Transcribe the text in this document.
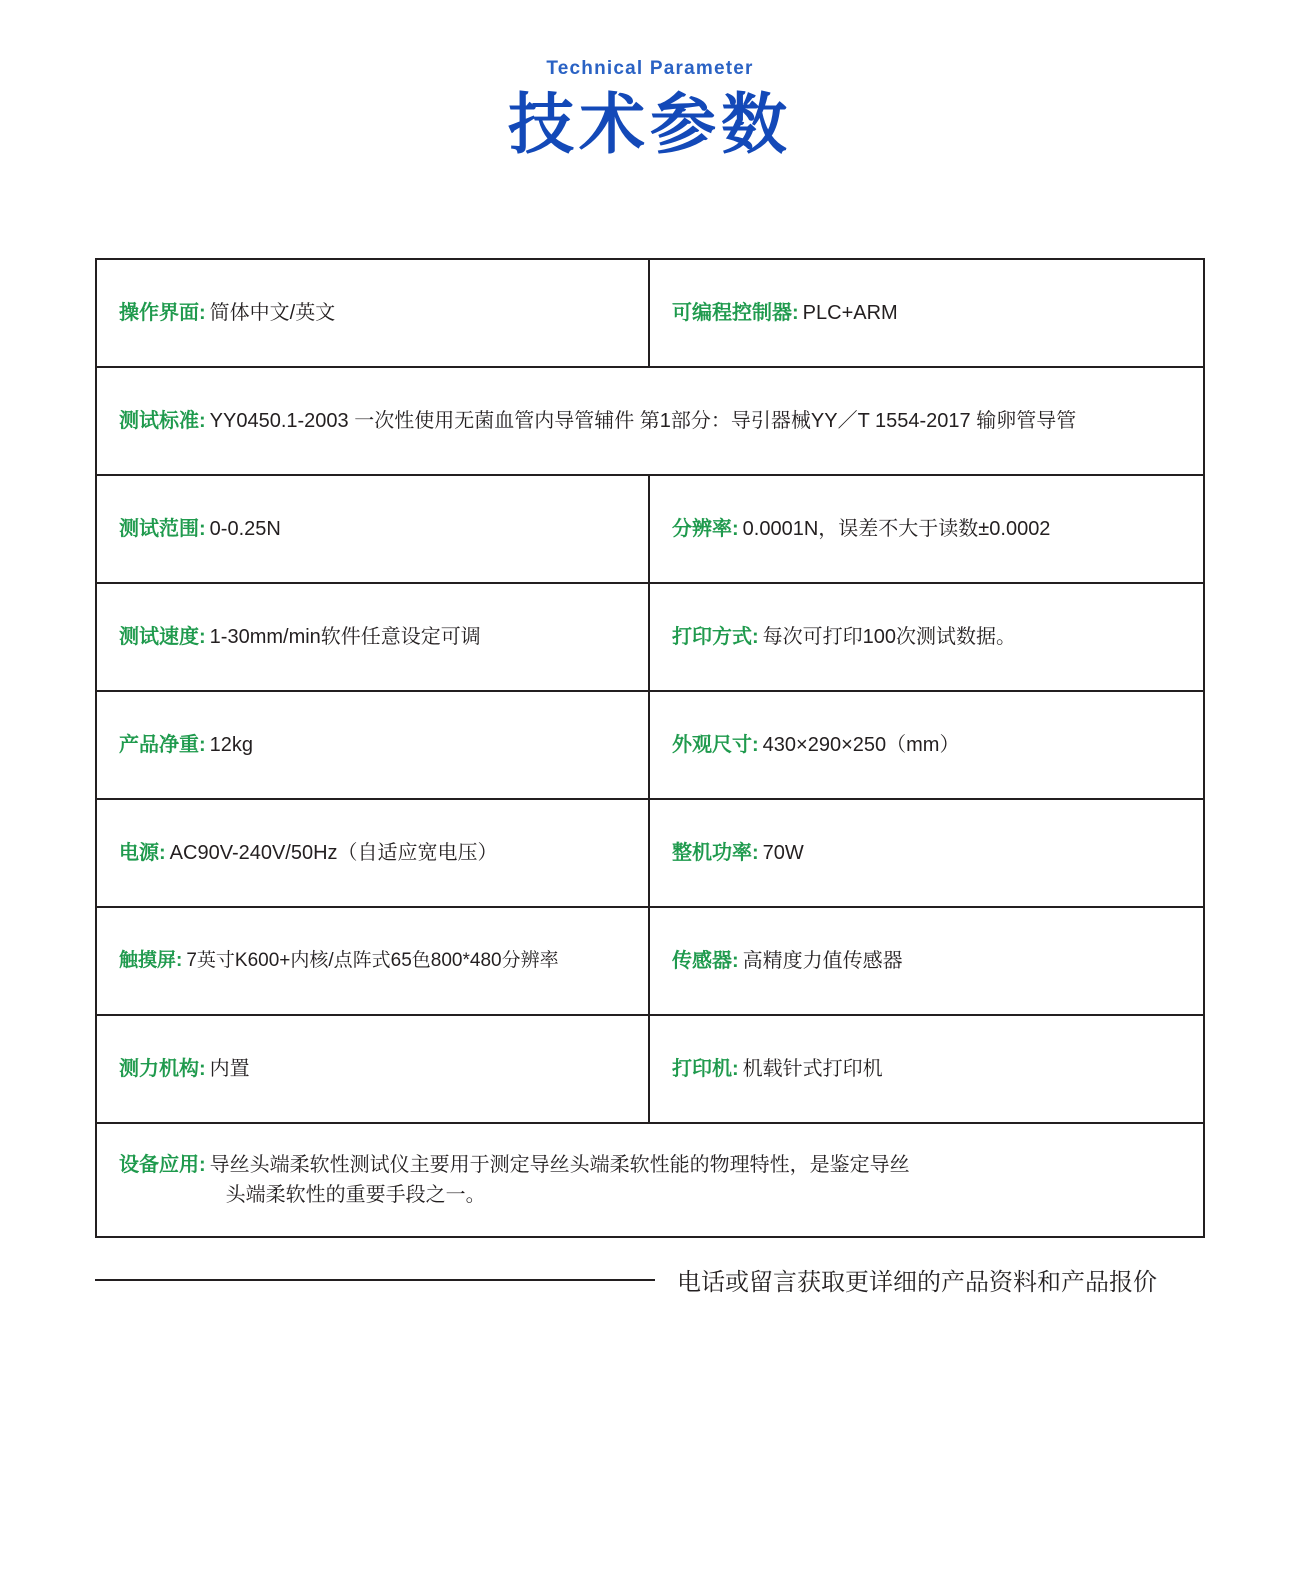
Technical Parameter

技术参数
操作界面: 简体中文/英文	可编程控制器: PLC+ARM
测试标准: YY0450.1-2003 一次性使用无菌血管内导管辅件 第1部分：导引器械YY／T 1554-2017 输卵管导管
测试范围: 0-0.25N	分辨率: 0.0001N，误差不大于读数±0.0002
测试速度: 1-30mm/min软件任意设定可调	打印方式: 每次可打印100次测试数据。
产品净重: 12kg	外观尺寸: 430×290×250（mm）
电源: AC90V-240V/50Hz（自适应宽电压）	整机功率: 70W
触摸屏: 7英寸K600+内核/点阵式65色800*480分辨率	传感器: 高精度力值传感器
测力机构: 内置	打印机: 机载针式打印机
设备应用: 导丝头端柔软性测试仪主要用于测定导丝头端柔软性能的物理特性，是鉴定导丝
头端柔软性的重要手段之一。
电话或留言获取更详细的产品资料和产品报价
